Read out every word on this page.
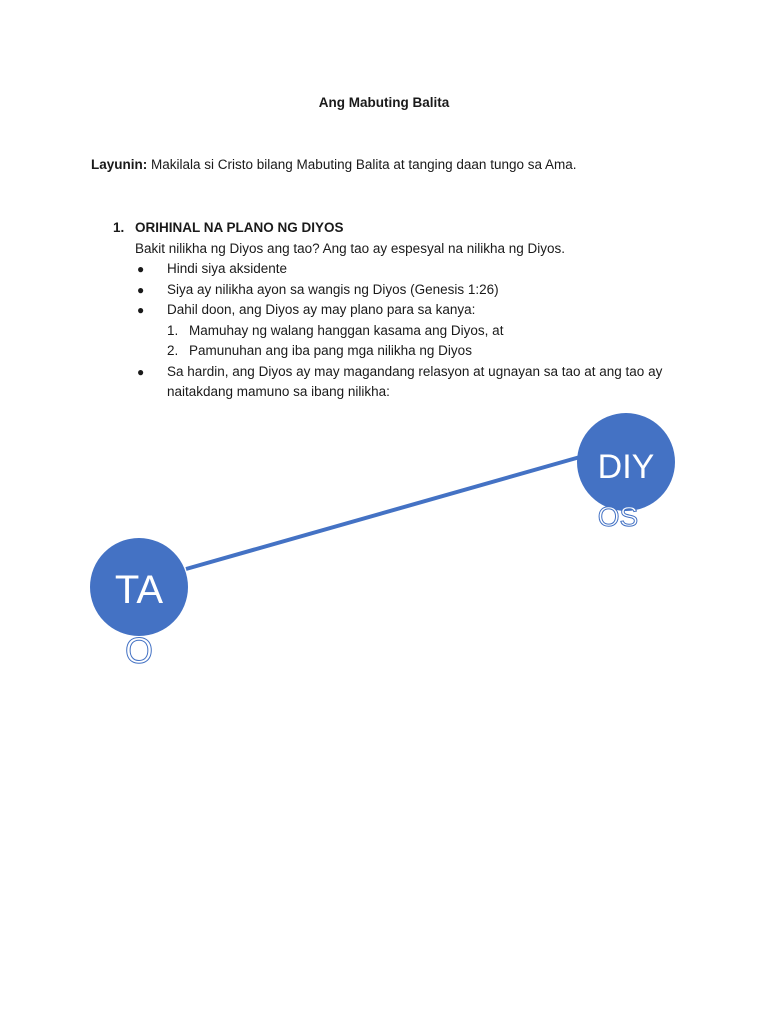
Ang Mabuting Balita
Layunin: Makilala si Cristo bilang Mabuting Balita at tanging daan tungo sa Ama.
1. ORIHINAL NA PLANO NG DIYOS
Bakit nilikha ng Diyos ang tao? Ang tao ay espesyal na nilikha ng Diyos.
● Hindi siya aksidente
● Siya ay nilikha ayon sa wangis ng Diyos (Genesis 1:26)
● Dahil doon, ang Diyos ay may plano para sa kanya:
1. Mamuhay ng walang hanggan kasama ang Diyos, at
2. Pamunuhan ang iba pang mga nilikha ng Diyos
● Sa hardin, ang Diyos ay may magandang relasyon at ugnayan sa tao at ang tao ay naitakdang mamuno sa ibang nilikha:
TA
O
DIY
OS
